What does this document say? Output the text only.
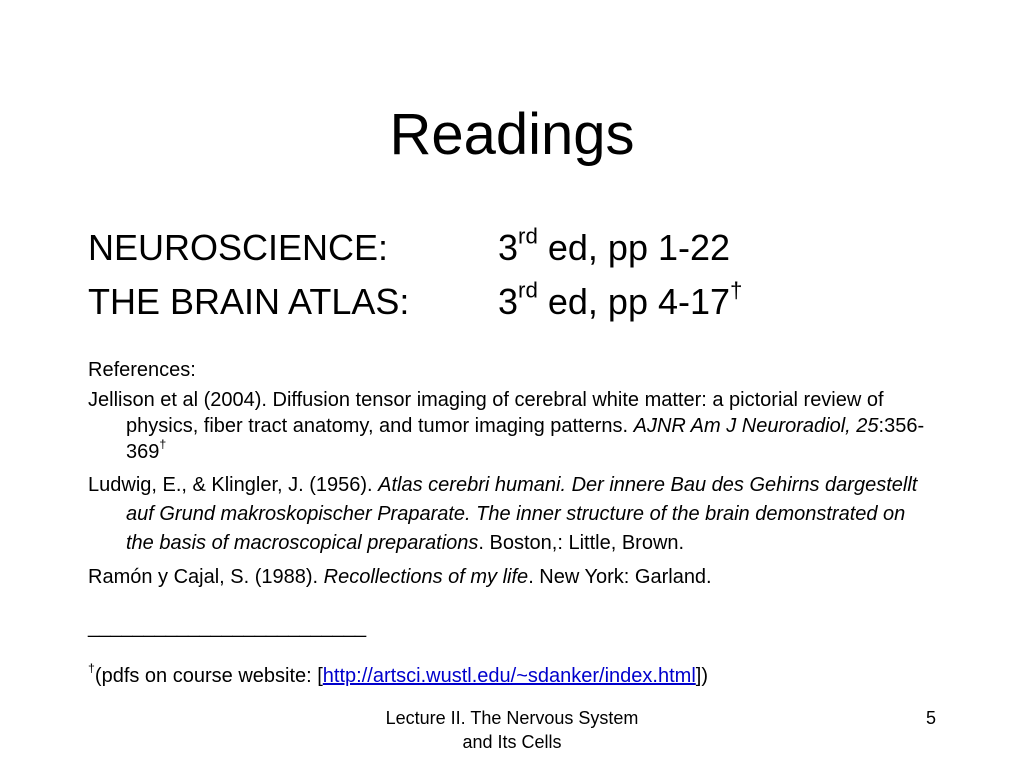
Readings
NEUROSCIENCE:	3rd ed, pp 1-22
THE BRAIN ATLAS: 3rd ed, pp 4-17†
References:
Jellison et al (2004). Diffusion tensor imaging of cerebral white matter: a pictorial review of physics, fiber tract anatomy, and tumor imaging patterns. AJNR Am J Neuroradiol, 25:356-369†
Ludwig, E., & Klingler, J. (1956). Atlas cerebri humani. Der innere Bau des Gehirns dargestellt auf Grund makroskopischer Praparate. The inner structure of the brain demonstrated on the basis of macroscopical preparations. Boston,: Little, Brown.
Ramón y Cajal, S. (1988). Recollections of my life. New York: Garland.
_________________________
†(pdfs on course website: [http://artsci.wustl.edu/~sdanker/index.html])
Lecture II. The Nervous System
and Its Cells
5
